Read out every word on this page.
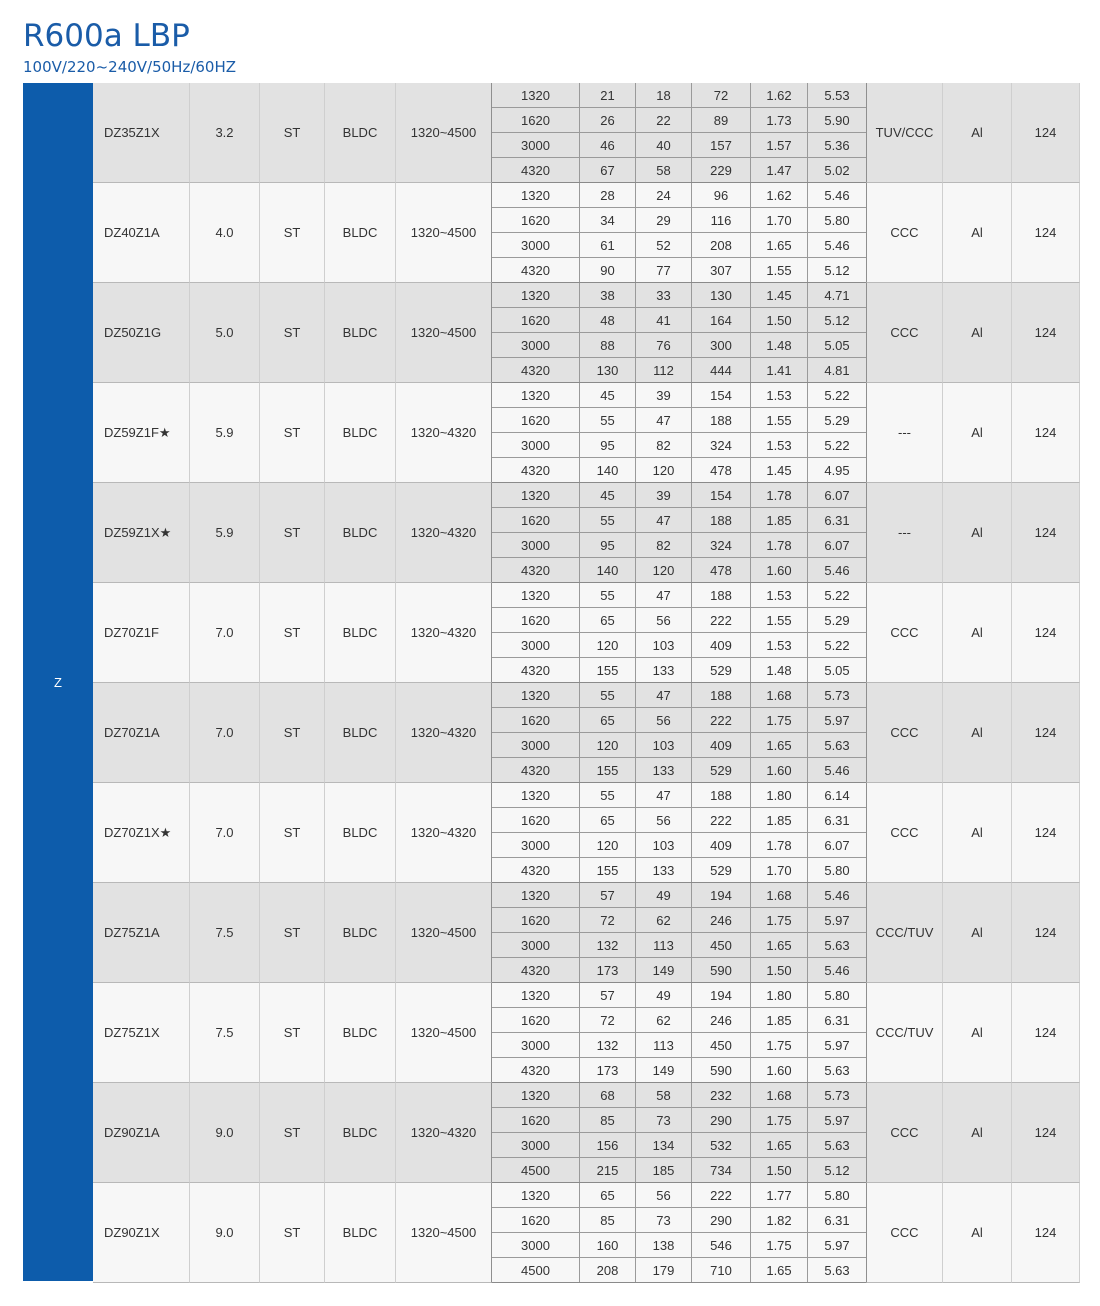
R600a LBP
100V/220~240V/50Hz/60HZ
Z
DZ35Z1X	3.2	ST	BLDC	1320~4500	TUV/CCC	Al	124
1320	21	18	72	1.62	5.53
1620	26	22	89	1.73	5.90
3000	46	40	157	1.57	5.36
4320	67	58	229	1.47	5.02
DZ40Z1A	4.0	ST	BLDC	1320~4500	CCC	Al	124
1320	28	24	96	1.62	5.46
1620	34	29	116	1.70	5.80
3000	61	52	208	1.65	5.46
4320	90	77	307	1.55	5.12
DZ50Z1G	5.0	ST	BLDC	1320~4500	CCC	Al	124
1320	38	33	130	1.45	4.71
1620	48	41	164	1.50	5.12
3000	88	76	300	1.48	5.05
4320	130	112	444	1.41	4.81
DZ59Z1F★	5.9	ST	BLDC	1320~4320	---	Al	124
1320	45	39	154	1.53	5.22
1620	55	47	188	1.55	5.29
3000	95	82	324	1.53	5.22
4320	140	120	478	1.45	4.95
DZ59Z1X★	5.9	ST	BLDC	1320~4320	---	Al	124
1320	45	39	154	1.78	6.07
1620	55	47	188	1.85	6.31
3000	95	82	324	1.78	6.07
4320	140	120	478	1.60	5.46
DZ70Z1F	7.0	ST	BLDC	1320~4320	CCC	Al	124
1320	55	47	188	1.53	5.22
1620	65	56	222	1.55	5.29
3000	120	103	409	1.53	5.22
4320	155	133	529	1.48	5.05
DZ70Z1A	7.0	ST	BLDC	1320~4320	CCC	Al	124
1320	55	47	188	1.68	5.73
1620	65	56	222	1.75	5.97
3000	120	103	409	1.65	5.63
4320	155	133	529	1.60	5.46
DZ70Z1X★	7.0	ST	BLDC	1320~4320	CCC	Al	124
1320	55	47	188	1.80	6.14
1620	65	56	222	1.85	6.31
3000	120	103	409	1.78	6.07
4320	155	133	529	1.70	5.80
DZ75Z1A	7.5	ST	BLDC	1320~4500	CCC/TUV	Al	124
1320	57	49	194	1.68	5.46
1620	72	62	246	1.75	5.97
3000	132	113	450	1.65	5.63
4320	173	149	590	1.50	5.46
DZ75Z1X	7.5	ST	BLDC	1320~4500	CCC/TUV	Al	124
1320	57	49	194	1.80	5.80
1620	72	62	246	1.85	6.31
3000	132	113	450	1.75	5.97
4320	173	149	590	1.60	5.63
DZ90Z1A	9.0	ST	BLDC	1320~4320	CCC	Al	124
1320	68	58	232	1.68	5.73
1620	85	73	290	1.75	5.97
3000	156	134	532	1.65	5.63
4500	215	185	734	1.50	5.12
DZ90Z1X	9.0	ST	BLDC	1320~4500	CCC	Al	124
1320	65	56	222	1.77	5.80
1620	85	73	290	1.82	6.31
3000	160	138	546	1.75	5.97
4500	208	179	710	1.65	5.63
